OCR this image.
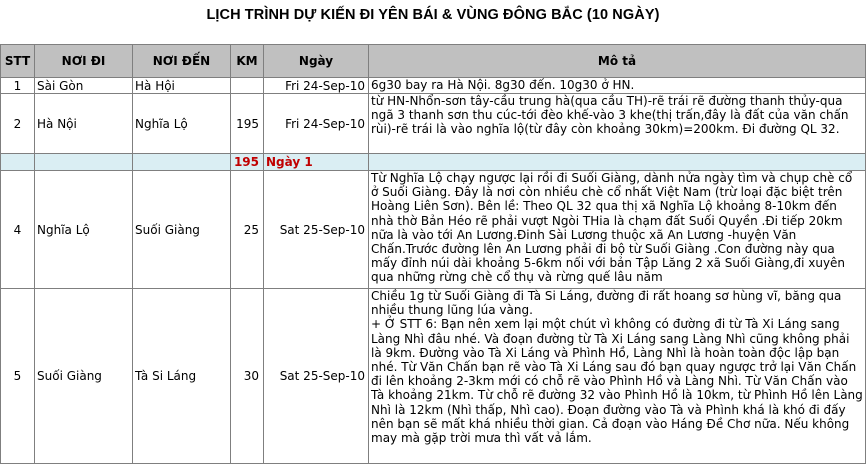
LỊCH TRÌNH DỰ KIẾN ĐI YÊN BÁI & VÙNG ĐÔNG BẮC (10 NGÀY)
STT	NƠI ĐI	NƠI ĐẾN	KM	Ngày	Mô tả
1	Sài Gòn	Hà Hội		Fri 24-Sep-10	6g30 bay ra Hà Nội. 8g30 đến. 10g30 ở HN.
2	Hà Nội	Nghĩa Lộ	195	Fri 24-Sep-10	từ HN-Nhổn-sơn tây-cầu trung hà(qua cầu TH)-rẽ trái rẽ đường thanh thủy-qua ngã 3 thanh sơn thu cúc-tới đèo khế-vào 3 khe(thị trấn,đây là đất của văn chấn rùi)-rẽ trái là vào nghĩa lộ(từ đây còn khoảng 30km)=200km. Đi đường QL 32.
			195	Ngày 1	
4	Nghĩa Lộ	Suối Giàng	25	Sat 25-Sep-10	Từ Nghĩa Lộ chạy ngược lại rồi đi Suối Giàng, dành nửa ngày tìm và chụp chè cổ ở Suối Giàng. Đây là nơi còn nhiều chè cổ nhất Việt Nam (trừ loại đặc biệt trên Hoàng Liên Sơn). Bên lề: Theo QL 32 qua thị xã Nghĩa Lộ khoảng 8-10km đến nhà thờ Bản Héo rẽ phải vượt Ngòi THia là chạm đất Suối Quyền .Đi tiếp 20km nữa là vào tới An Lương.Đinh Sài Lương thuộc xã An Lương -huyện Văn Chấn.Trước đường lên An Lương phải đi bộ từ Suối Giàng .Con đường này qua mấy đỉnh núi dài khoảng 5-6km nối với bản Tập Lăng 2 xã Suối Giàng,đi xuyên qua những rừng chè cổ thụ và rừng quế lâu năm
5	Suối Giàng	Tà Si Láng	30	Sat 25-Sep-10	Chiều 1g từ Suối Giàng đi Tà Si Láng, đường đi rất hoang sơ hùng vĩ, băng qua nhiều thung lũng lúa vàng.
+ Ở STT 6: Bạn nên xem lại một chút vì không có đường đi từ Tà Xi Láng sang Làng Nhì đâu nhé. Và đoạn đường từ Tà Xi Láng sang Làng Nhì cũng không phải là 9km. Đường vào Tà Xi Láng và Phình Hồ, Làng Nhì là hoàn toàn độc lập bạn nhé. Từ Văn Chấn bạn rẽ vào Tà Xi Láng sau đó bạn quay ngược trở lại Văn Chấn đi lên khoảng 2-3km mới có chỗ rẽ vào Phình Hồ và Làng Nhì. Từ Văn Chấn vào Tà khoảng 21km. Từ chỗ rẽ đường 32 vào Phình Hồ là 10km, từ Phình Hồ lên Làng Nhì là 12km (Nhì thấp, Nhì cao). Đoạn đường vào Tà và Phình khá là khó đi đấy nên bạn sẽ mất khá nhiều thời gian. Cả đoạn vào Háng Đề Chơ nữa. Nếu không may mà gặp trời mưa thì vất vả lắm.
